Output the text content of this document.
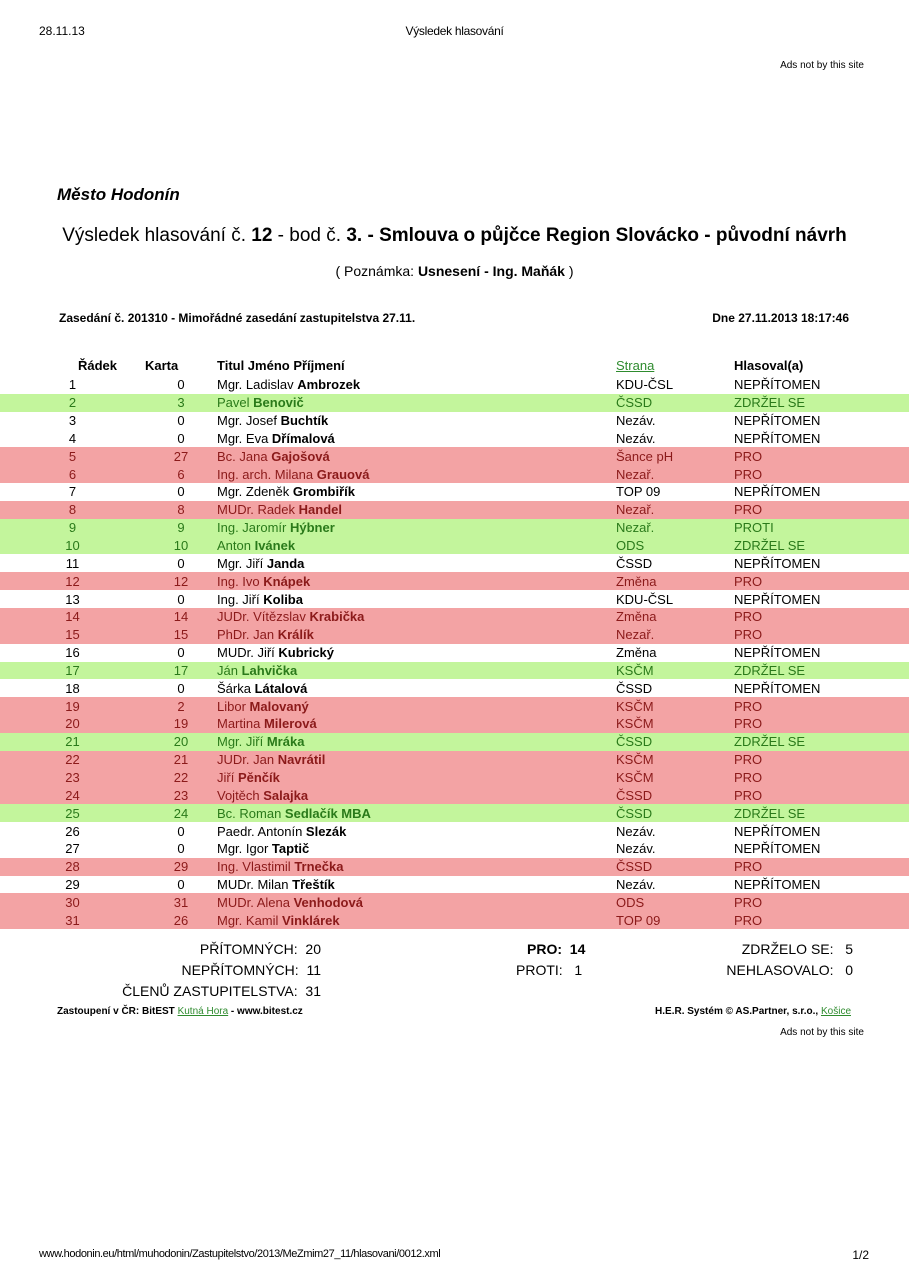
28.11.13	Výsledek hlasování
Ads not by this site
Město Hodonín
Výsledek hlasování č. 12 - bod č. 3. - Smlouva o půjčce Region Slovácko - původní návrh
( Poznámka: Usnesení - Ing. Maňák )
Zasedání č. 201310 - Mimořádné zasedání zastupitelstva 27.11.	Dne 27.11.2013 18:17:46
Řádek	Karta	Titul Jméno Příjmení	Strana	Hlasoval(a)
1	0	Mgr. Ladislav Ambrozek	KDU-ČSL	NEPŘÍTOMEN
2	3	Pavel Benovič	ČSSD	ZDRŽEL SE
3	0	Mgr. Josef Buchtík	Nezáv.	NEPŘÍTOMEN
4	0	Mgr. Eva Dřímalová	Nezáv.	NEPŘÍTOMEN
5	27	Bc. Jana Gajošová	Šance pH	PRO
6	6	Ing. arch. Milana Grauová	Nezař.	PRO
7	0	Mgr. Zdeněk Grombiřík	TOP 09	NEPŘÍTOMEN
8	8	MUDr. Radek Handel	Nezař.	PRO
9	9	Ing. Jaromír Hýbner	Nezař.	PROTI
10	10	Anton Ivánek	ODS	ZDRŽEL SE
11	0	Mgr. Jiří Janda	ČSSD	NEPŘÍTOMEN
12	12	Ing. Ivo Knápek	Změna	PRO
13	0	Ing. Jiří Koliba	KDU-ČSL	NEPŘÍTOMEN
14	14	JUDr. Vítězslav Krabička	Změna	PRO
15	15	PhDr. Jan Králík	Nezař.	PRO
16	0	MUDr. Jiří Kubrický	Změna	NEPŘÍTOMEN
17	17	Ján Lahvička	KSČM	ZDRŽEL SE
18	0	Šárka Látalová	ČSSD	NEPŘÍTOMEN
19	2	Libor Malovaný	KSČM	PRO
20	19	Martina Milerová	KSČM	PRO
21	20	Mgr. Jiří Mráka	ČSSD	ZDRŽEL SE
22	21	JUDr. Jan Navrátil	KSČM	PRO
23	22	Jiří Pěnčík	KSČM	PRO
24	23	Vojtěch Salajka	ČSSD	PRO
25	24	Bc. Roman Sedlačík MBA	ČSSD	ZDRŽEL SE
26	0	Paedr. Antonín Slezák	Nezáv.	NEPŘÍTOMEN
27	0	Mgr. Igor Taptič	Nezáv.	NEPŘÍTOMEN
28	29	Ing. Vlastimil Trnečka	ČSSD	PRO
29	0	MUDr. Milan Třeštík	Nezáv.	NEPŘÍTOMEN
30	31	MUDr. Alena Venhodová	ODS	PRO
31	26	Mgr. Kamil Vinklárek	TOP 09	PRO
PŘÍTOMNÝCH: 20
NEPŘÍTOMNÝCH: 11
ČLENŮ ZASTUPITELSTVA: 31
PRO: 14
PROTI: 1
ZDRŽELO SE: 5
NEHLASOVALO: 0
Zastoupení v ČR: BitEST Kutná Hora - www.bitest.cz	H.E.R. Systém © AS.Partner, s.r.o., Košice
Ads not by this site
www.hodonin.eu/html/muhodonin/Zastupitelstvo/2013/MeZmim27_11/hlasovani/0012.xml	1/2
